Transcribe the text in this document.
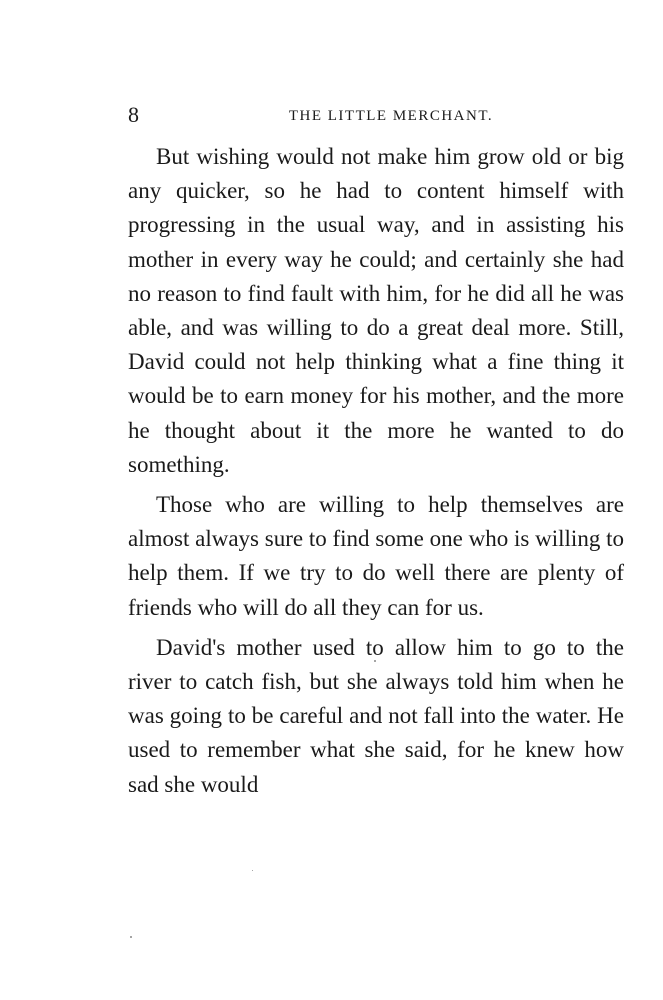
8	THE LITTLE MERCHANT.

But wishing would not make him grow old or big any quicker, so he had to content himself with progressing in the usual way, and in assisting his mother in every way he could; and certainly she had no reason to find fault with him, for he did all he was able, and was willing to do a great deal more. Still, David could not help thinking what a fine thing it would be to earn money for his mother, and the more he thought about it the more he wanted to do something.

Those who are willing to help themselves are almost always sure to find some one who is willing to help them. If we try to do well there are plenty of friends who will do all they can for us.

David's mother used to allow him to go to the river to catch fish, but she always told him when he was going to be careful and not fall into the water. He used to remember what she said, for he knew how sad she would
